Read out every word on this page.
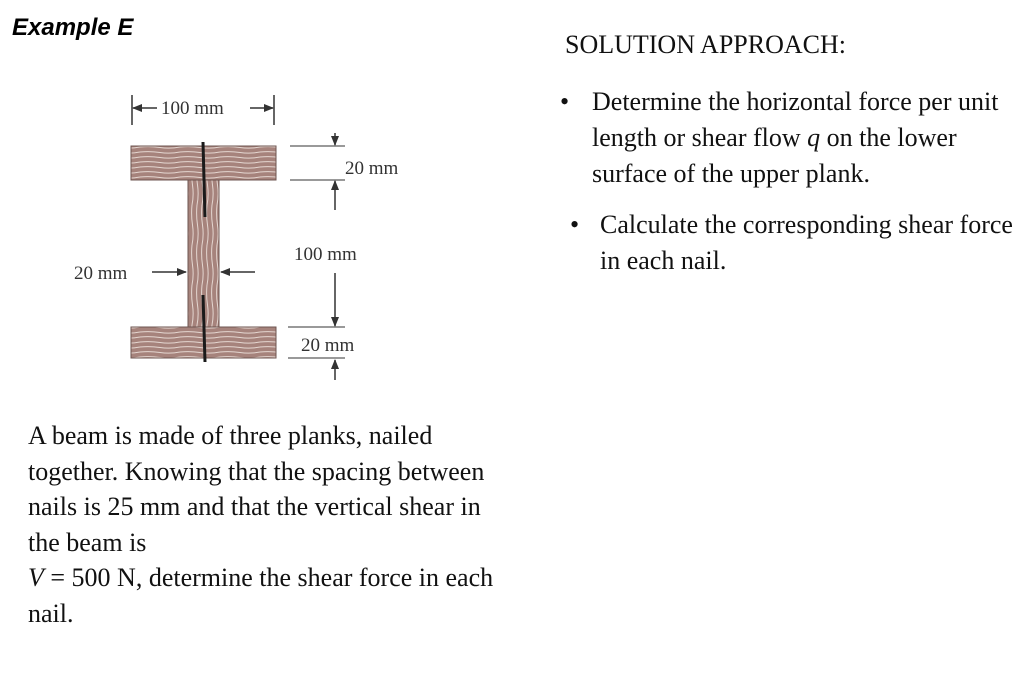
Example E
100 mm
20 mm
100 mm
20 mm
20 mm
A beam is made of three planks, nailed together. Knowing that the spacing between nails is 25 mm and that the vertical shear in the beam is
V = 500 N, determine the shear force in each nail.
SOLUTION APPROACH:
• Determine the horizontal force per unit length or shear flow q on the lower surface of the upper plank.
• Calculate the corresponding shear force in each nail.
